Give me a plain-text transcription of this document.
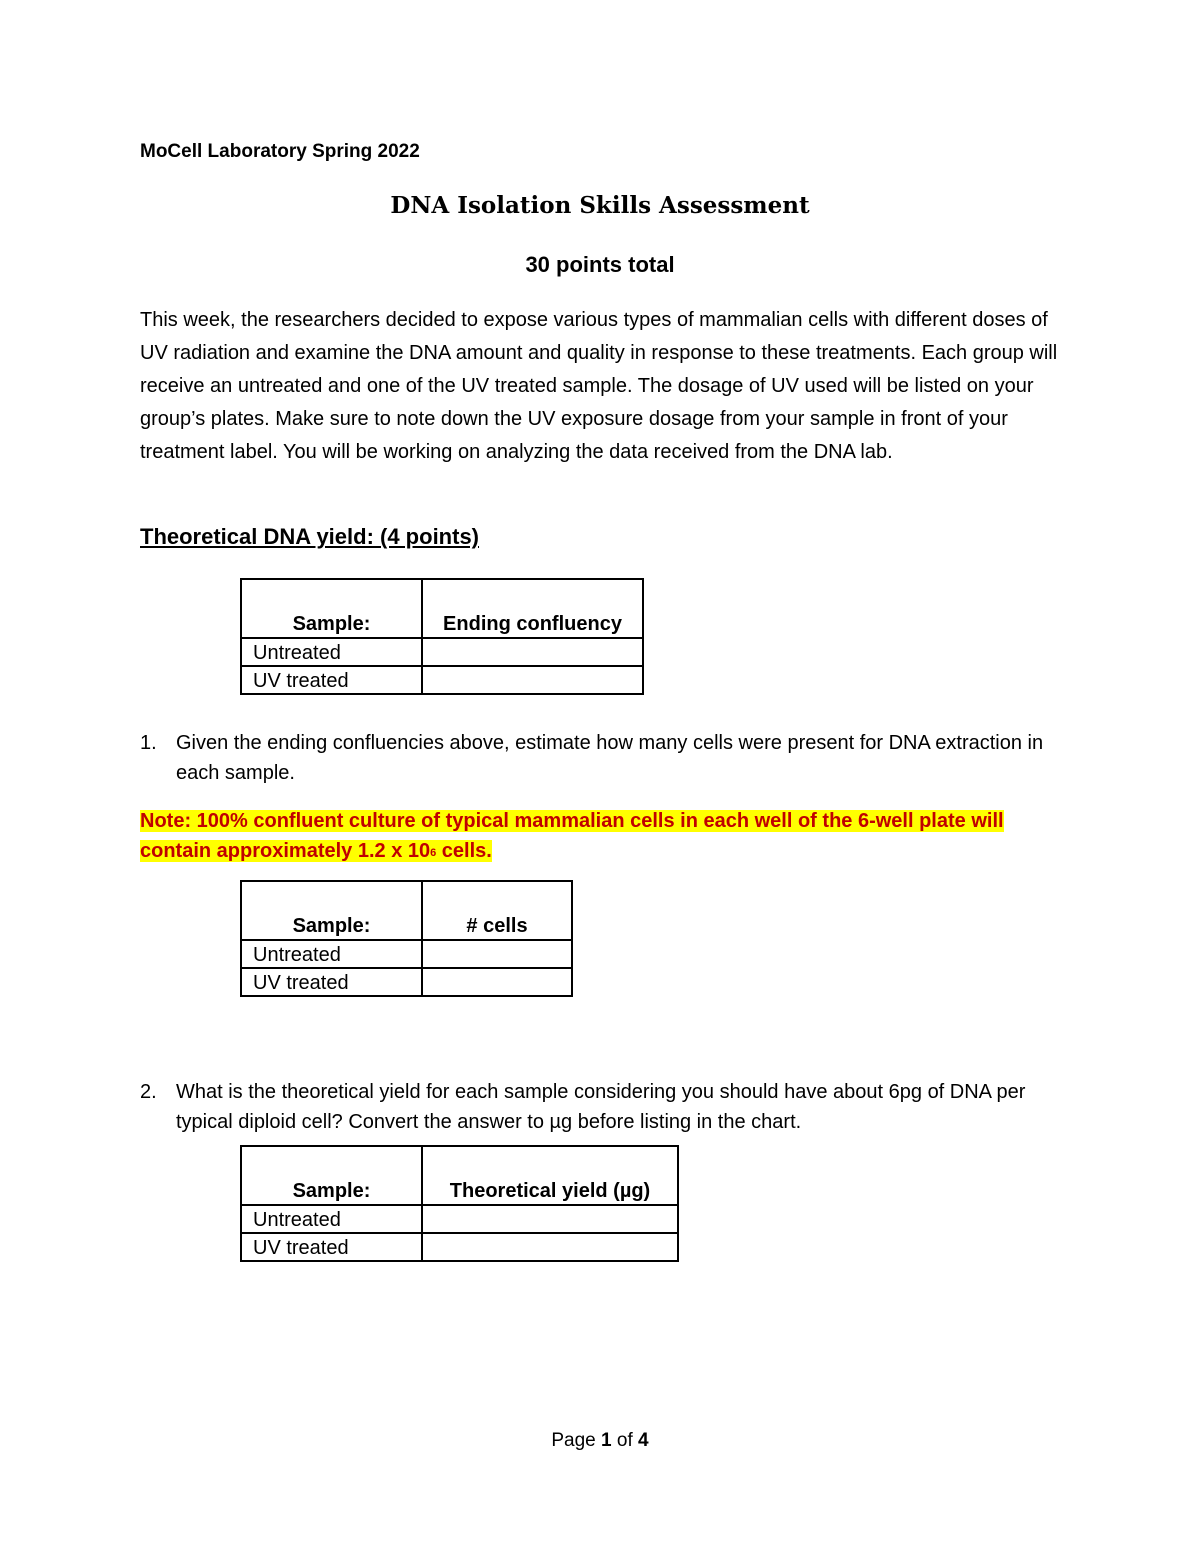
MoCell Laboratory Spring 2022
DNA Isolation Skills Assessment
30 points total

This week, the researchers decided to expose various types of mammalian cells with different doses of UV radiation and examine the DNA amount and quality in response to these treatments. Each group will receive an untreated and one of the UV treated sample. The dosage of UV used will be listed on your group’s plates. Make sure to note down the UV exposure dosage from your sample in front of your treatment label. You will be working on analyzing the data received from the DNA lab.

Theoretical DNA yield: (4 points)

Sample:	Ending confluency
Untreated	
UV treated	
1. Given the ending confluencies above, estimate how many cells were present for DNA extraction in each sample.
Note: 100% confluent culture of typical mammalian cells in each well of the 6-well plate will
contain approximately 1.2 x $10^6$ cells.
Sample:	# cells
Untreated	
UV treated	
2. What is the theoretical yield for each sample considering you should have about 6pg of DNA per typical diploid cell? Convert the answer to µg before listing in the chart.
Sample:	Theoretical yield (µg)
Untreated	
UV treated	
Page 1 of 4
